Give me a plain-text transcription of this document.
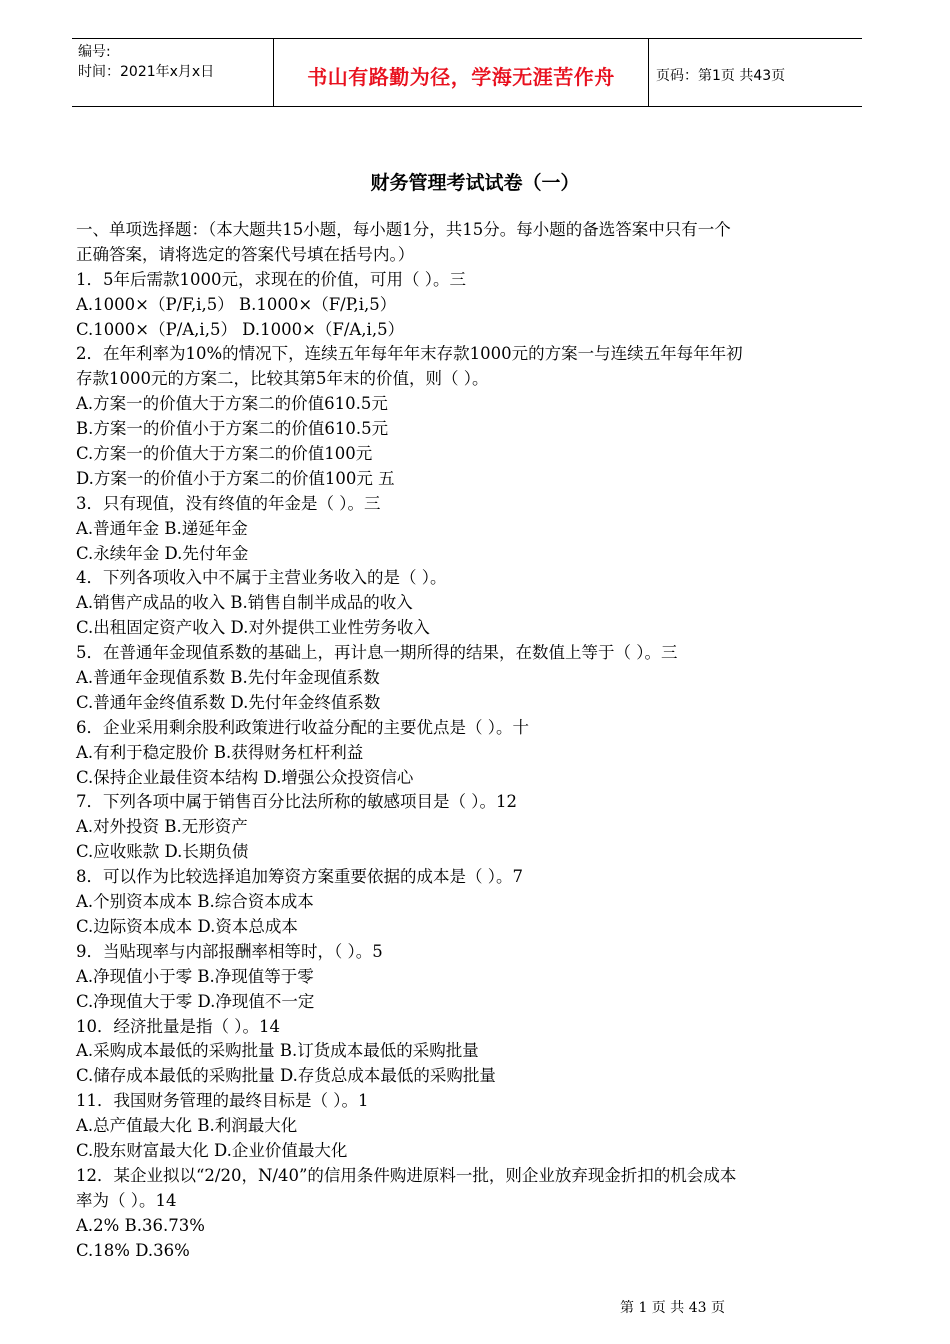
编号:
时间：2021年x月x日	书山有路勤为径，学海无涯苦作舟	页码：第1页 共43页
财务管理考试试卷（一）
一、单项选择题：（本大题共15小题，每小题1分，共15分。每小题的备选答案中只有一个
正确答案，请将选定的答案代号填在括号内。）
1．5年后需款1000元，求现在的价值，可用（ ）。三
A.1000×（P/F,i,5） B.1000×（F/P,i,5）
C.1000×（P/A,i,5） D.1000×（F/A,i,5）
2．在年利率为10%的情况下，连续五年每年年末存款1000元的方案一与连续五年每年年初
存款1000元的方案二，比较其第5年末的价值，则（ ）。
A.方案一的价值大于方案二的价值610.5元
B.方案一的价值小于方案二的价值610.5元
C.方案一的价值大于方案二的价值100元
D.方案一的价值小于方案二的价值100元 五
3．只有现值，没有终值的年金是（ ）。三
A.普通年金 B.递延年金
C.永续年金 D.先付年金
4．下列各项收入中不属于主营业务收入的是（ ）。
A.销售产成品的收入 B.销售自制半成品的收入
C.出租固定资产收入 D.对外提供工业性劳务收入
5．在普通年金现值系数的基础上，再计息一期所得的结果，在数值上等于（ ）。三
A.普通年金现值系数 B.先付年金现值系数
C.普通年金终值系数 D.先付年金终值系数
6．企业采用剩余股利政策进行收益分配的主要优点是（ ）。十
A.有利于稳定股价 B.获得财务杠杆利益
C.保持企业最佳资本结构 D.增强公众投资信心
7．下列各项中属于销售百分比法所称的敏感项目是（ ）。12
A.对外投资 B.无形资产
C.应收账款 D.长期负债
8．可以作为比较选择追加筹资方案重要依据的成本是（ ）。7
A.个别资本成本 B.综合资本成本
C.边际资本成本 D.资本总成本
9．当贴现率与内部报酬率相等时，（ ）。5
A.净现值小于零 B.净现值等于零
C.净现值大于零 D.净现值不一定
10．经济批量是指（ ）。14
A.采购成本最低的采购批量 B.订货成本最低的采购批量
C.储存成本最低的采购批量 D.存货总成本最低的采购批量
11．我国财务管理的最终目标是（ ）。1
A.总产值最大化 B.利润最大化
C.股东财富最大化 D.企业价值最大化
12．某企业拟以“2/20，N/40”的信用条件购进原料一批，则企业放弃现金折扣的机会成本
率为（ ）。14
A.2% B.36.73%
C.18% D.36%
第 1 页 共 43 页
